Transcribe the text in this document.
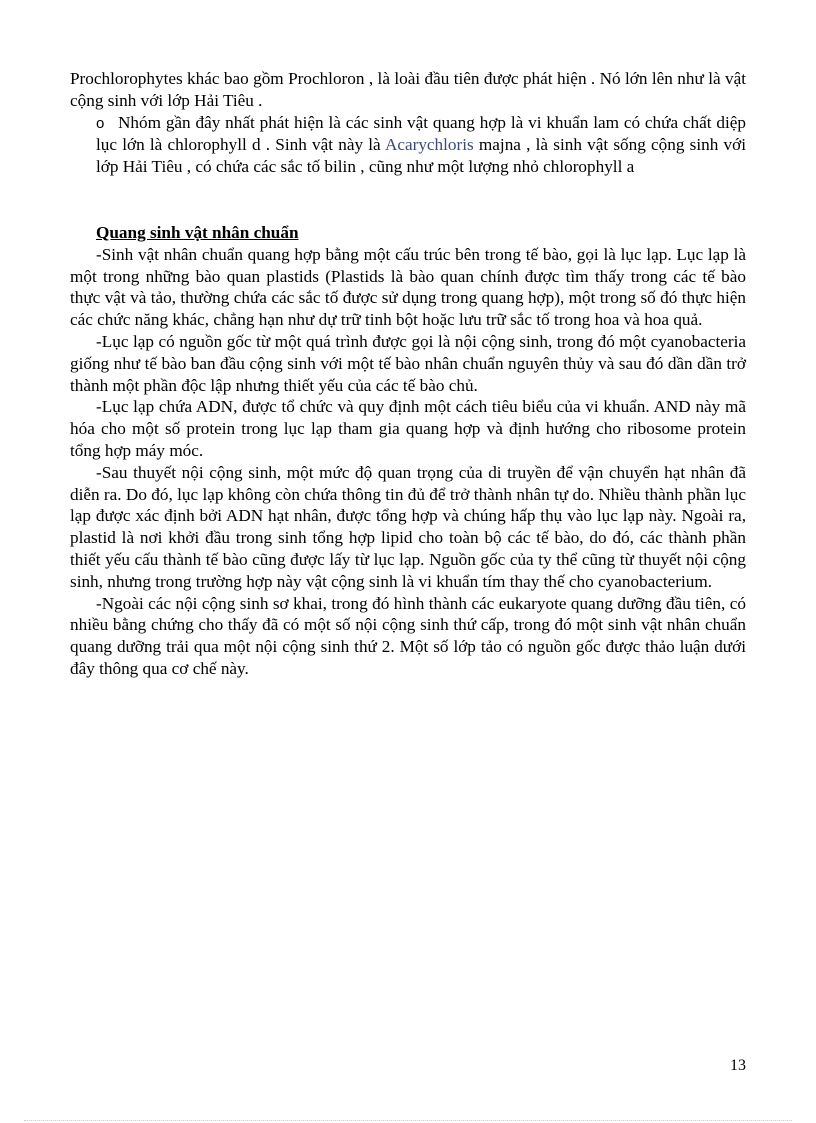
Prochlorophytes khác bao gồm Prochloron , là loài đầu tiên được phát hiện . Nó lớn lên như là vật cộng sinh với lớp Hải Tiêu .

o Nhóm gần đây nhất phát hiện là các sinh vật quang hợp là vi khuẩn lam có chứa chất diệp lục lớn là chlorophyll d . Sinh vật này là Acarychloris majna , là sinh vật sống cộng sinh với lớp Hải Tiêu , có chứa các sắc tố bilin , cũng như một lượng nhỏ chlorophyll a

Quang sinh vật nhân chuẩn

-Sinh vật nhân chuẩn quang hợp bằng một cấu trúc bên trong tế bào, gọi là lục lạp. Lục lạp là một trong những bào quan plastids (Plastids là bào quan chính được tìm thấy trong các tế bào thực vật và tảo, thường chứa các sắc tố được sử dụng trong quang hợp), một trong số đó thực hiện các chức năng khác, chẳng hạn như dự trữ tinh bột hoặc lưu trữ sắc tố trong hoa và hoa quả.

-Lục lạp có nguồn gốc từ một quá trình được gọi là nội cộng sinh, trong đó một cyanobacteria giống như tế bào ban đầu cộng sinh với một tế bào nhân chuẩn nguyên thủy và sau đó dần dần trở thành một phần độc lập nhưng thiết yếu của các tế bào chủ.

-Lục lạp chứa ADN, được tổ chức và quy định một cách tiêu biểu của vi khuẩn. AND này mã hóa cho một số protein trong lục lạp tham gia quang hợp và định hướng cho ribosome protein tổng hợp máy móc.

-Sau thuyết nội cộng sinh, một mức độ quan trọng của di truyền để vận chuyển hạt nhân đã diễn ra. Do đó, lục lạp không còn chứa thông tin đủ để trở thành nhân tự do. Nhiều thành phần lục lạp được xác định bởi ADN hạt nhân, được tổng hợp và chúng hấp thụ vào lục lạp này. Ngoài ra, plastid là nơi khởi đầu trong sinh tổng hợp lipid cho toàn bộ các tế bào, do đó, các thành phần thiết yếu cấu thành tế bào cũng được lấy từ lục lạp. Nguồn gốc của ty thể cũng từ thuyết nội cộng sinh, nhưng trong trường hợp này vật cộng sinh là vi khuẩn tím thay thế cho cyanobacterium.

-Ngoài các nội cộng sinh sơ khai, trong đó hình thành các eukaryote quang dưỡng đầu tiên, có nhiều bằng chứng cho thấy đã có một số nội cộng sinh thứ cấp, trong đó một sinh vật nhân chuẩn quang dưỡng trải qua một nội cộng sinh thứ 2. Một số lớp tảo có nguồn gốc được thảo luận dưới đây thông qua cơ chế này.

13
